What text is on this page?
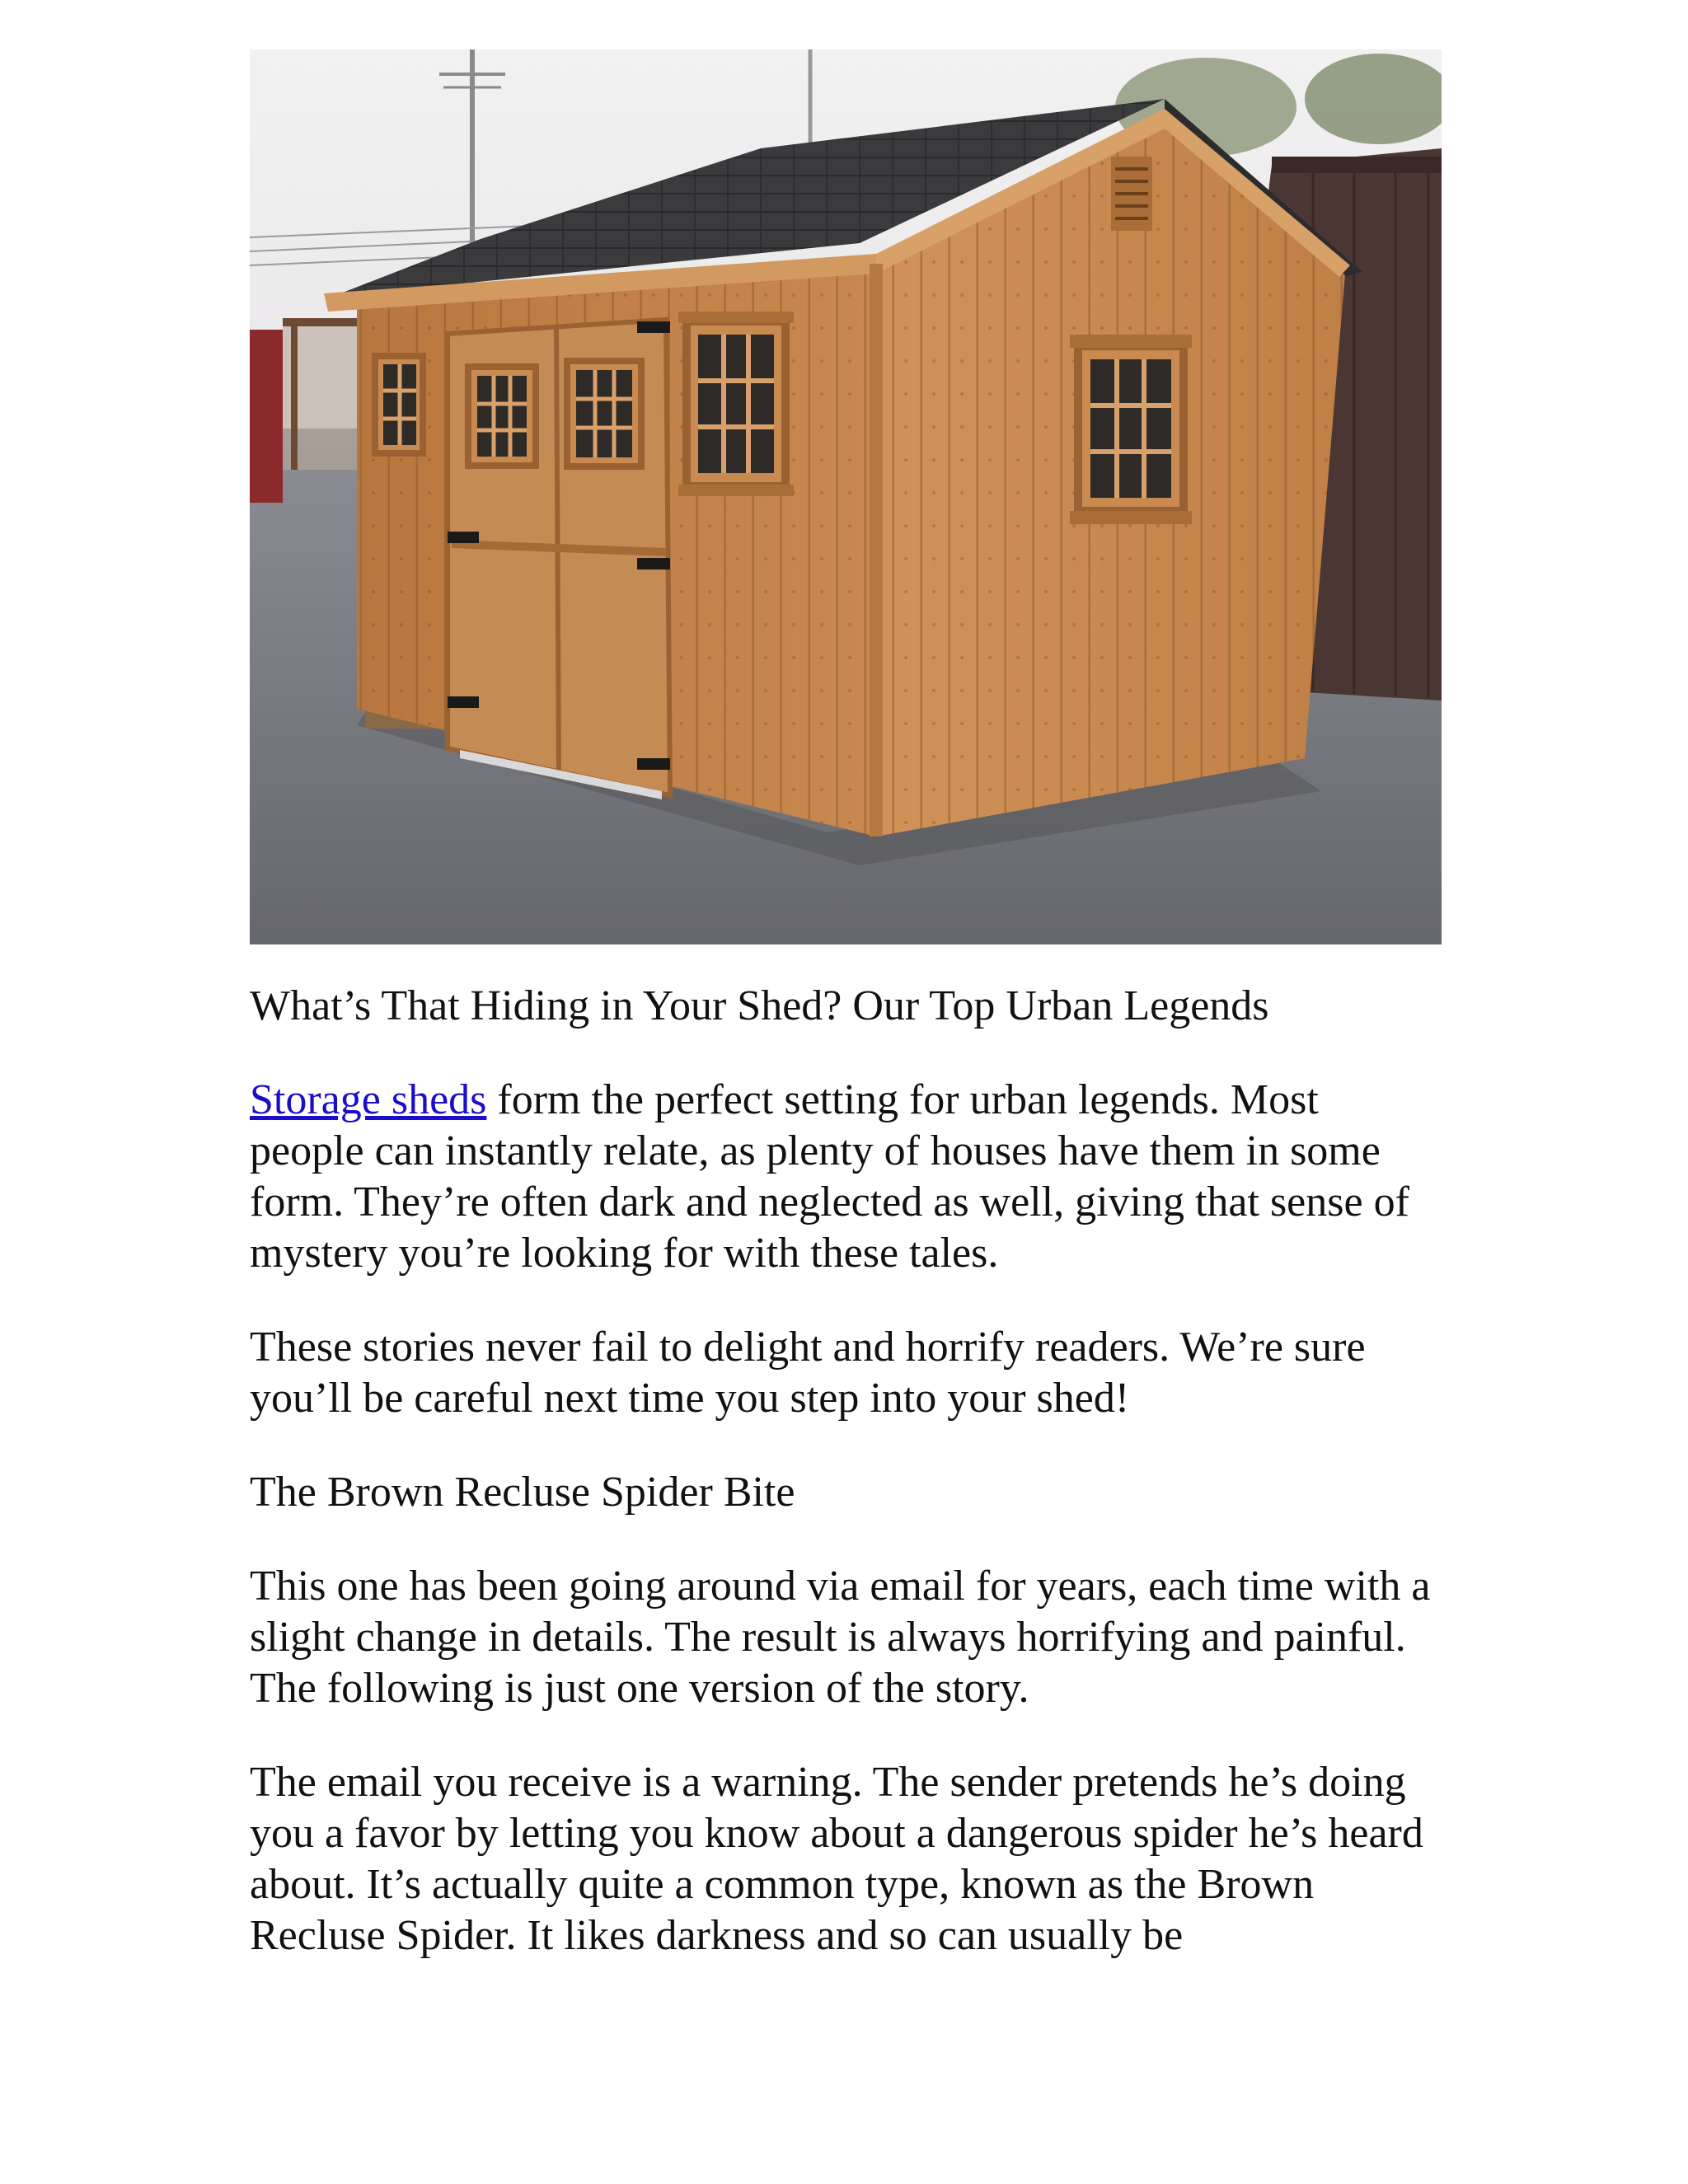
What’s That Hiding in Your Shed? Our Top Urban Legends

Storage sheds form the perfect setting for urban legends. Most people can instantly relate, as plenty of houses have them in some form. They’re often dark and neglected as well, giving that sense of mystery you’re looking for with these tales.

These stories never fail to delight and horrify readers. We’re sure you’ll be careful next time you step into your shed!

The Brown Recluse Spider Bite

This one has been going around via email for years, each time with a slight change in details. The result is always horrifying and painful. The following is just one version of the story.

The email you receive is a warning. The sender pretends he’s doing you a favor by letting you know about a dangerous spider he’s heard about. It’s actually quite a common type, known as the Brown Recluse Spider. It likes darkness and so can usually be
